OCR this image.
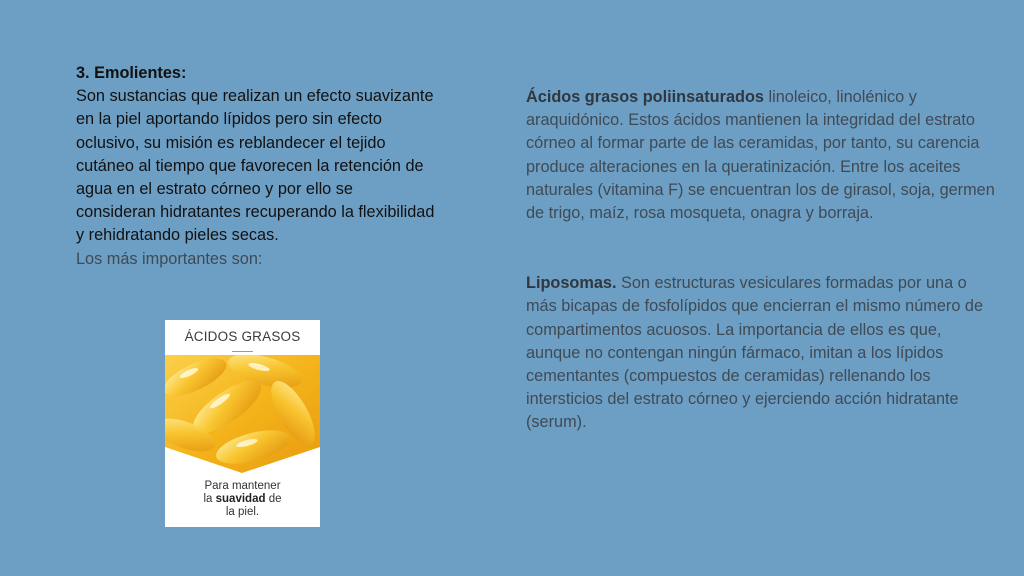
3. Emolientes:
Son sustancias que realizan un efecto suavizante en la piel aportando lípidos pero sin efecto oclusivo, su misión es reblandecer el tejido cutáneo al tiempo que favorecen la retención de agua en el estrato córneo y por ello se consideran hidratantes recuperando la flexibilidad y rehidratando pieles secas.
Los más importantes son:
ÁCIDOS GRASOS
Para mantener
la suavidad de
la piel.

Ácidos grasos poliinsaturados linoleico, linolénico y araquidónico. Estos ácidos mantienen la integridad del estrato córneo al formar parte de las ceramidas, por tanto, su carencia produce alteraciones en la queratinización. Entre los aceites naturales (vitamina F) se encuentran los de girasol, soja, germen de trigo, maíz, rosa mosqueta, onagra y borraja.

Liposomas. Son estructuras vesiculares formadas por una o más bicapas de fosfolípidos que encierran el mismo número de compartimentos acuosos. La importancia de ellos es que, aunque no contengan ningún fármaco, imitan a los lípidos cementantes (compuestos de ceramidas) rellenando los intersticios del estrato córneo y ejerciendo acción hidratante (serum).
